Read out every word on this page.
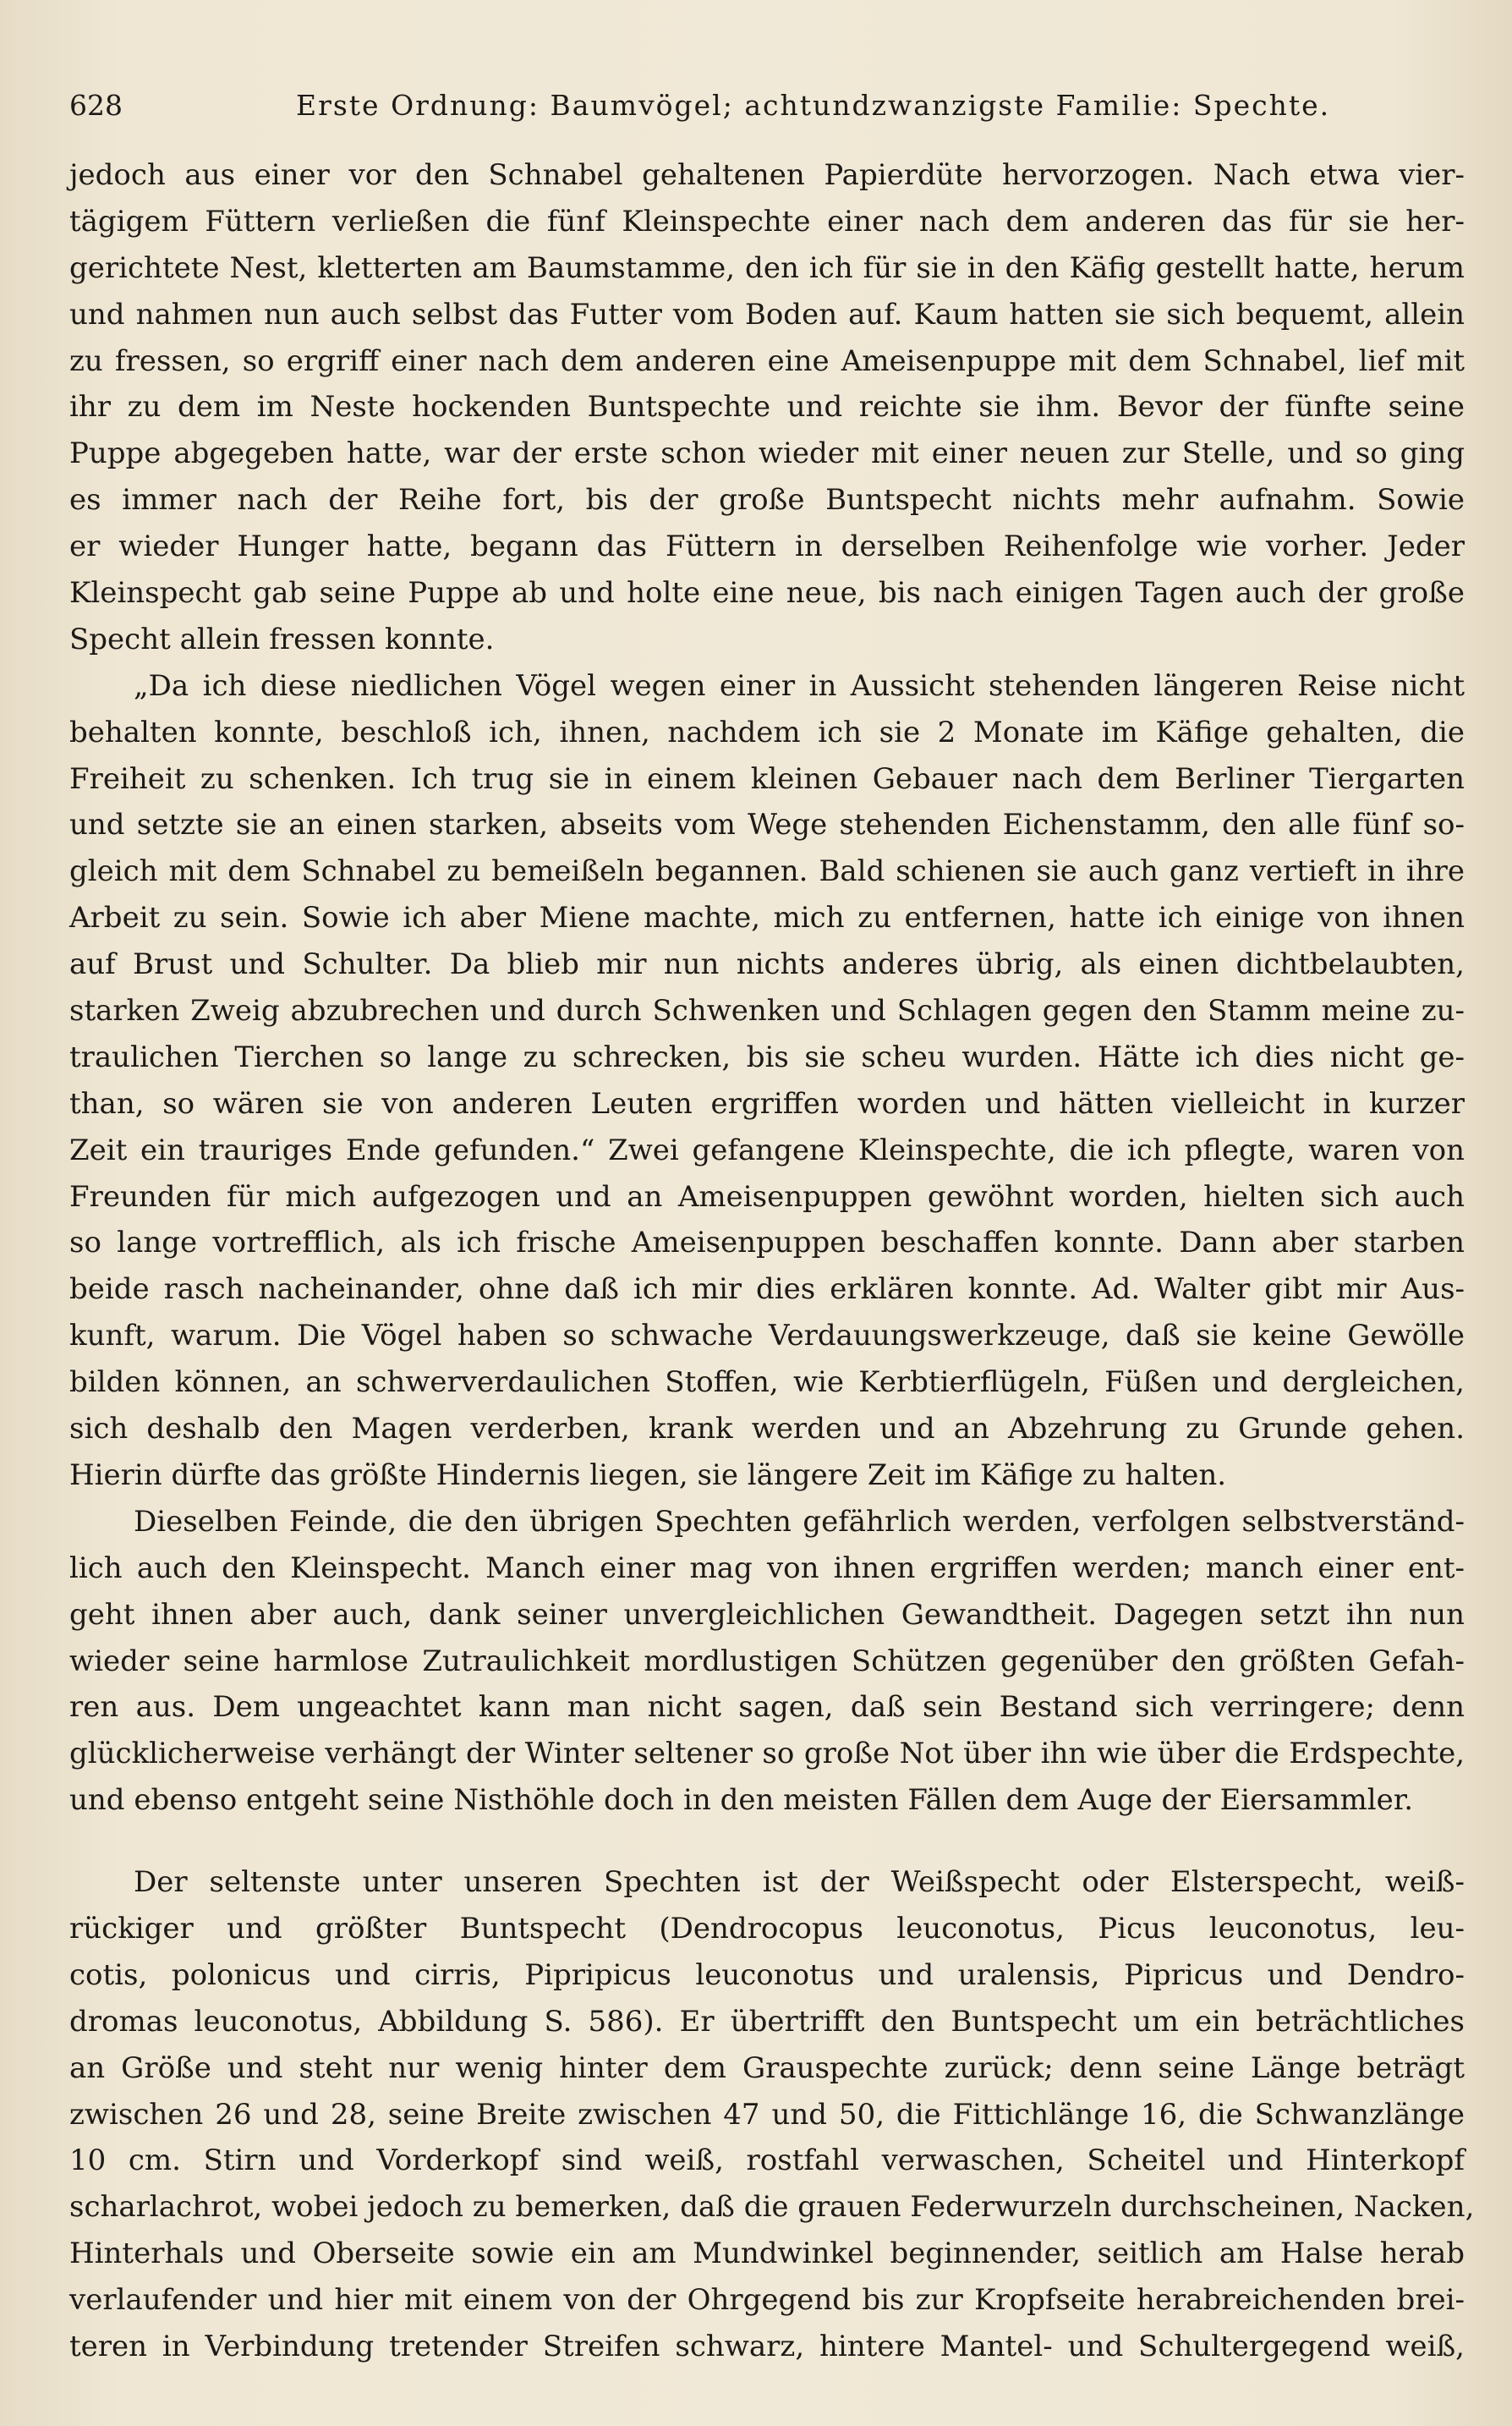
628	Erste Ordnung: Baumvögel; achtundzwanzigste Familie: Spechte.
jedoch aus einer vor den Schnabel gehaltenen Papierdüte hervorzogen. Nach etwa vier-
tägigem Füttern verließen die fünf Kleinspechte einer nach dem anderen das für sie her-
gerichtete Nest, kletterten am Baumstamme, den ich für sie in den Käfig gestellt hatte, herum
und nahmen nun auch selbst das Futter vom Boden auf. Kaum hatten sie sich bequemt, allein
zu fressen, so ergriff einer nach dem anderen eine Ameisenpuppe mit dem Schnabel, lief mit
ihr zu dem im Neste hockenden Buntspechte und reichte sie ihm. Bevor der fünfte seine
Puppe abgegeben hatte, war der erste schon wieder mit einer neuen zur Stelle, und so ging
es immer nach der Reihe fort, bis der große Buntspecht nichts mehr aufnahm. Sowie
er wieder Hunger hatte, begann das Füttern in derselben Reihenfolge wie vorher. Jeder
Kleinspecht gab seine Puppe ab und holte eine neue, bis nach einigen Tagen auch der große
Specht allein fressen konnte.
„Da ich diese niedlichen Vögel wegen einer in Aussicht stehenden längeren Reise nicht
behalten konnte, beschloß ich, ihnen, nachdem ich sie 2 Monate im Käfige gehalten, die
Freiheit zu schenken. Ich trug sie in einem kleinen Gebauer nach dem Berliner Tiergarten
und setzte sie an einen starken, abseits vom Wege stehenden Eichenstamm, den alle fünf so-
gleich mit dem Schnabel zu bemeißeln begannen. Bald schienen sie auch ganz vertieft in ihre
Arbeit zu sein. Sowie ich aber Miene machte, mich zu entfernen, hatte ich einige von ihnen
auf Brust und Schulter. Da blieb mir nun nichts anderes übrig, als einen dichtbelaubten,
starken Zweig abzubrechen und durch Schwenken und Schlagen gegen den Stamm meine zu-
traulichen Tierchen so lange zu schrecken, bis sie scheu wurden. Hätte ich dies nicht ge-
than, so wären sie von anderen Leuten ergriffen worden und hätten vielleicht in kurzer
Zeit ein trauriges Ende gefunden.“ Zwei gefangene Kleinspechte, die ich pflegte, waren von
Freunden für mich aufgezogen und an Ameisenpuppen gewöhnt worden, hielten sich auch
so lange vortrefflich, als ich frische Ameisenpuppen beschaffen konnte. Dann aber starben
beide rasch nacheinander, ohne daß ich mir dies erklären konnte. Ad. Walter gibt mir Aus-
kunft, warum. Die Vögel haben so schwache Verdauungswerkzeuge, daß sie keine Gewölle
bilden können, an schwerverdaulichen Stoffen, wie Kerbtierflügeln, Füßen und dergleichen,
sich deshalb den Magen verderben, krank werden und an Abzehrung zu Grunde gehen.
Hierin dürfte das größte Hindernis liegen, sie längere Zeit im Käfige zu halten.
Dieselben Feinde, die den übrigen Spechten gefährlich werden, verfolgen selbstverständ-
lich auch den Kleinspecht. Manch einer mag von ihnen ergriffen werden; manch einer ent-
geht ihnen aber auch, dank seiner unvergleichlichen Gewandtheit. Dagegen setzt ihn nun
wieder seine harmlose Zutraulichkeit mordlustigen Schützen gegenüber den größten Gefah-
ren aus. Dem ungeachtet kann man nicht sagen, daß sein Bestand sich verringere; denn
glücklicherweise verhängt der Winter seltener so große Not über ihn wie über die Erdspechte,
und ebenso entgeht seine Nisthöhle doch in den meisten Fällen dem Auge der Eiersammler.
Der seltenste unter unseren Spechten ist der Weißspecht oder Elsterspecht, weiß-
rückiger und größter Buntspecht (Dendrocopus leuconotus, Picus leuconotus, leu-
cotis, polonicus und cirris, Pipripicus leuconotus und uralensis, Pipricus und Dendro-
dromas leuconotus, Abbildung S. 586). Er übertrifft den Buntspecht um ein beträchtliches
an Größe und steht nur wenig hinter dem Grauspechte zurück; denn seine Länge beträgt
zwischen 26 und 28, seine Breite zwischen 47 und 50, die Fittichlänge 16, die Schwanzlänge
10 cm. Stirn und Vorderkopf sind weiß, rostfahl verwaschen, Scheitel und Hinterkopf
scharlachrot, wobei jedoch zu bemerken, daß die grauen Federwurzeln durchscheinen, Nacken,
Hinterhals und Oberseite sowie ein am Mundwinkel beginnender, seitlich am Halse herab
verlaufender und hier mit einem von der Ohrgegend bis zur Kropfseite herabreichenden brei-
teren in Verbindung tretender Streifen schwarz, hintere Mantel- und Schultergegend weiß,
